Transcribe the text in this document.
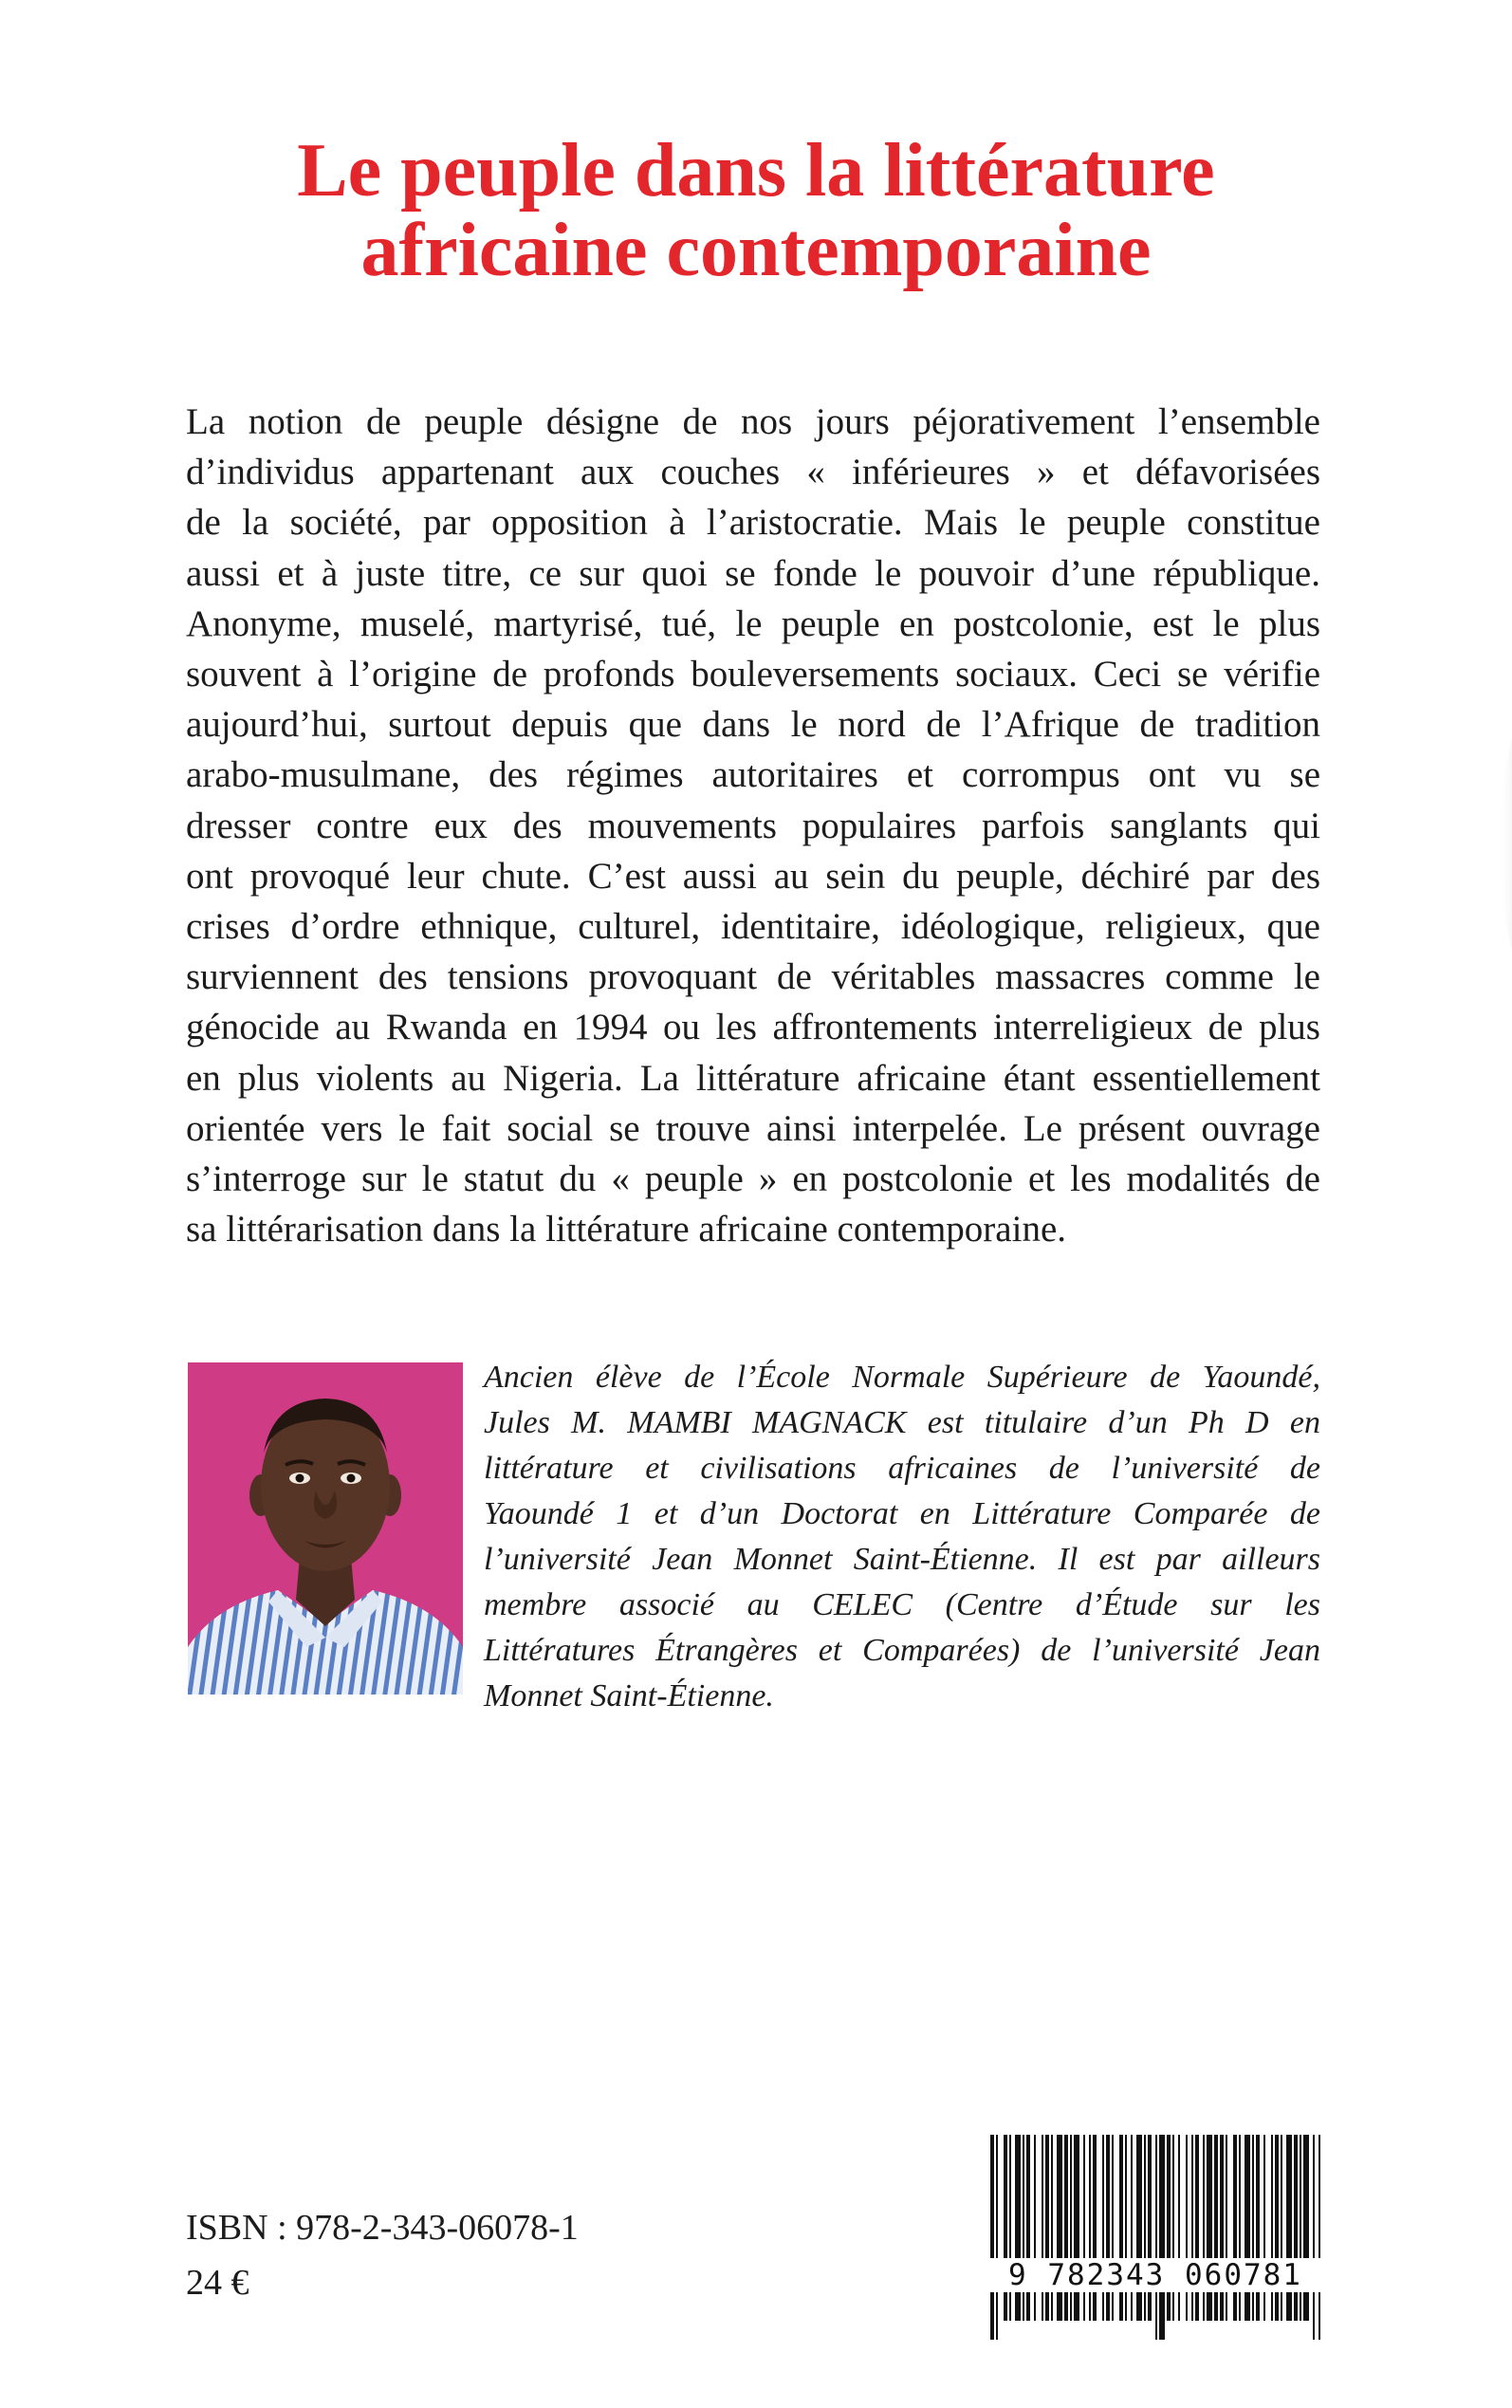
Le peuple dans la littérature
africaine contemporaine
La notion de peuple désigne de nos jours péjorativement l’ensemble
d’individus appartenant aux couches « inférieures » et défavorisées
de la société, par opposition à l’aristocratie. Mais le peuple constitue
aussi et à juste titre, ce sur quoi se fonde le pouvoir d’une république.
Anonyme, muselé, martyrisé, tué, le peuple en postcolonie, est le plus
souvent à l’origine de profonds bouleversements sociaux. Ceci se vérifie
aujourd’hui, surtout depuis que dans le nord de l’Afrique de tradition
arabo-musulmane, des régimes autoritaires et corrompus ont vu se
dresser contre eux des mouvements populaires parfois sanglants qui
ont provoqué leur chute. C’est aussi au sein du peuple, déchiré par des
crises d’ordre ethnique, culturel, identitaire, idéologique, religieux, que
surviennent des tensions provoquant de véritables massacres comme le
génocide au Rwanda en 1994 ou les affrontements interreligieux de plus
en plus violents au Nigeria. La littérature africaine étant essentiellement
orientée vers le fait social se trouve ainsi interpelée. Le présent ouvrage
s’interroge sur le statut du « peuple » en postcolonie et les modalités de
sa littérarisation dans la littérature africaine contemporaine.
Ancien élève de l’École Normale Supérieure de Yaoundé,
Jules M. MAMBI MAGNACK est titulaire d’un Ph D en
littérature et civilisations africaines de l’université de
Yaoundé 1 et d’un Doctorat en Littérature Comparée de
l’université Jean Monnet Saint-Étienne. Il est par ailleurs
membre associé au CELEC (Centre d’Étude sur les
Littératures Étrangères et Comparées) de l’université Jean
Monnet Saint-Étienne.
ISBN : 978-2-343-06078-1
24 €	9 782343 060781
